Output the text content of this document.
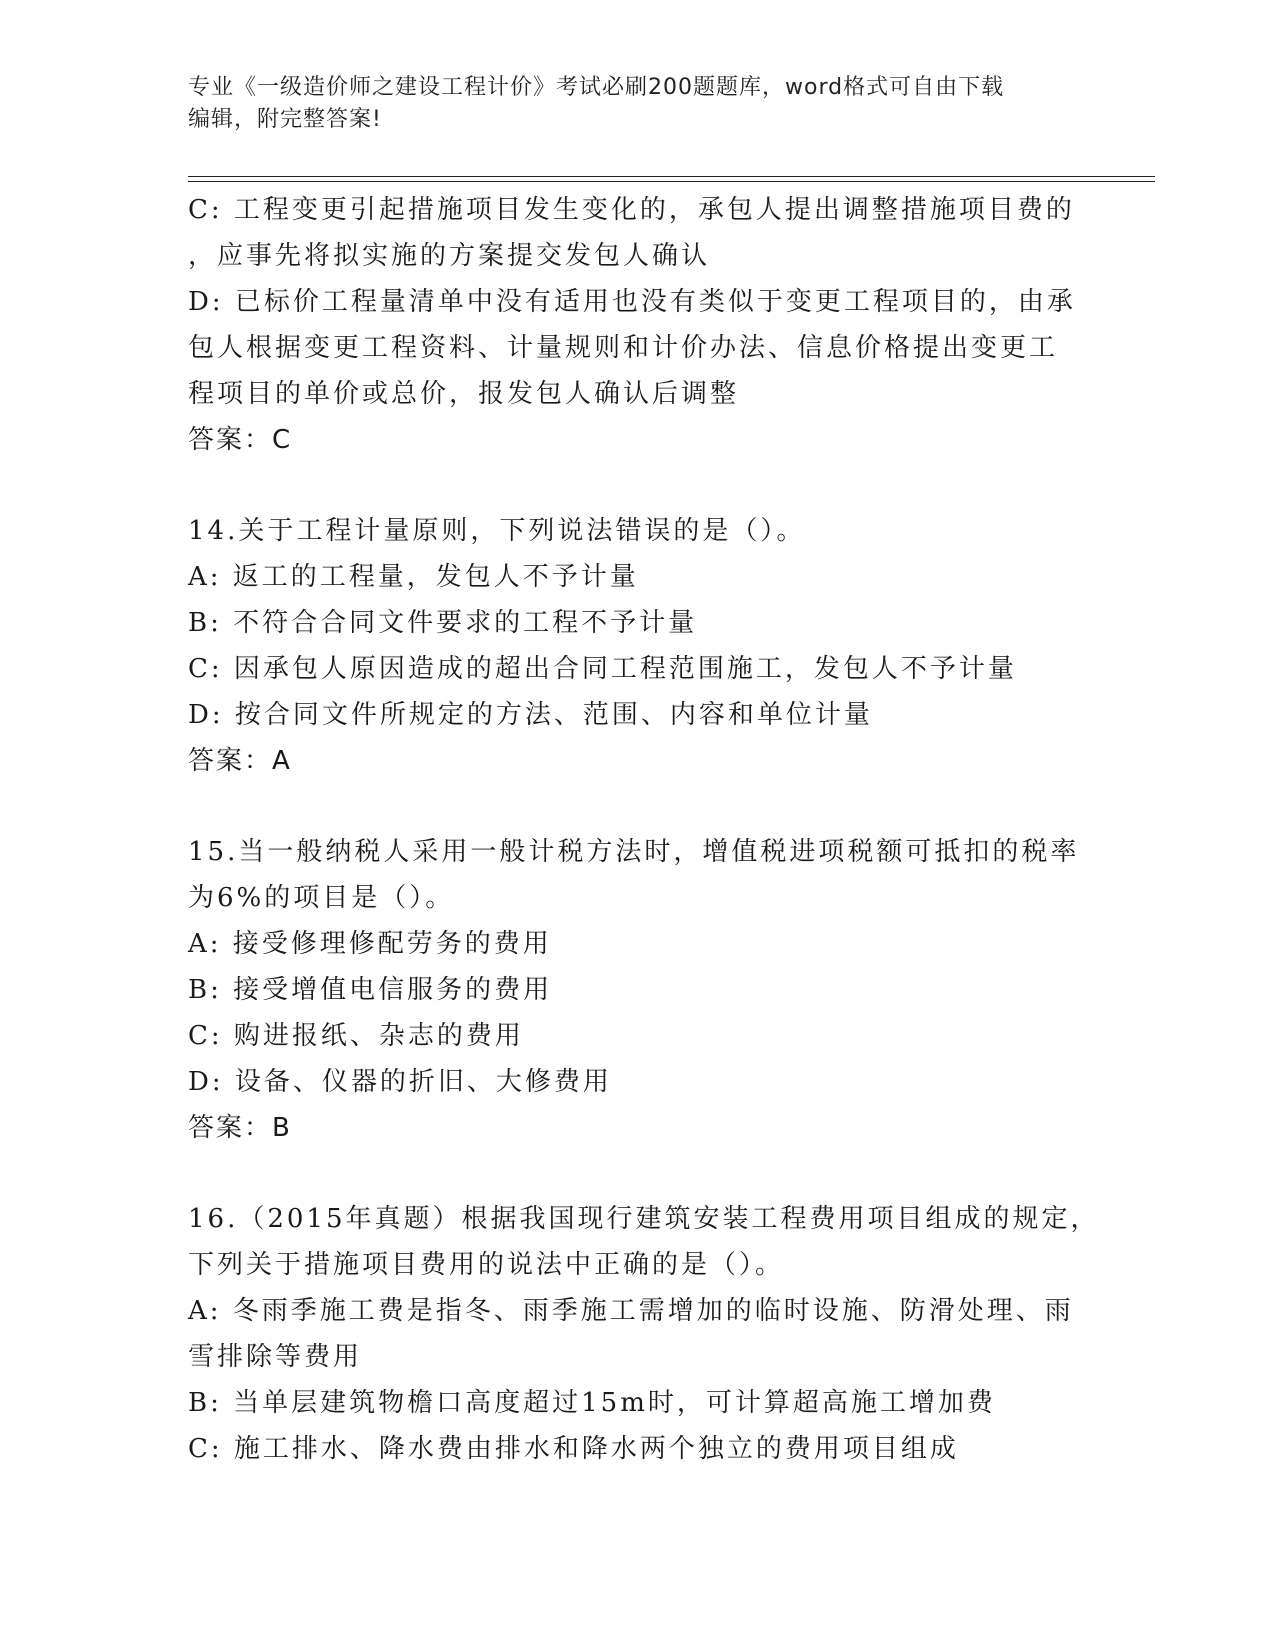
专业《一级造价师之建设工程计价》考试必刷200题题库，word格式可自由下载
编辑，附完整答案!
C: 工程变更引起措施项目发生变化的，承包人提出调整措施项目费的
，应事先将拟实施的方案提交发包人确认
D: 已标价工程量清单中没有适用也没有类似于变更工程项目的，由承
包人根据变更工程资料、计量规则和计价办法、信息价格提出变更工
程项目的单价或总价，报发包人确认后调整
答案：C
14.关于工程计量原则，下列说法错误的是（）。
A: 返工的工程量，发包人不予计量
B: 不符合合同文件要求的工程不予计量
C: 因承包人原因造成的超出合同工程范围施工，发包人不予计量
D: 按合同文件所规定的方法、范围、内容和单位计量
答案：A
15.当一般纳税人采用一般计税方法时，增值税进项税额可抵扣的税率
为6%的项目是（）。
A: 接受修理修配劳务的费用
B: 接受增值电信服务的费用
C: 购进报纸、杂志的费用
D: 设备、仪器的折旧、大修费用
答案：B
16.（2015年真题）根据我国现行建筑安装工程费用项目组成的规定，
下列关于措施项目费用的说法中正确的是（）。
A: 冬雨季施工费是指冬、雨季施工需增加的临时设施、防滑处理、雨
雪排除等费用
B: 当单层建筑物檐口高度超过15m时，可计算超高施工增加费
C: 施工排水、降水费由排水和降水两个独立的费用项目组成
